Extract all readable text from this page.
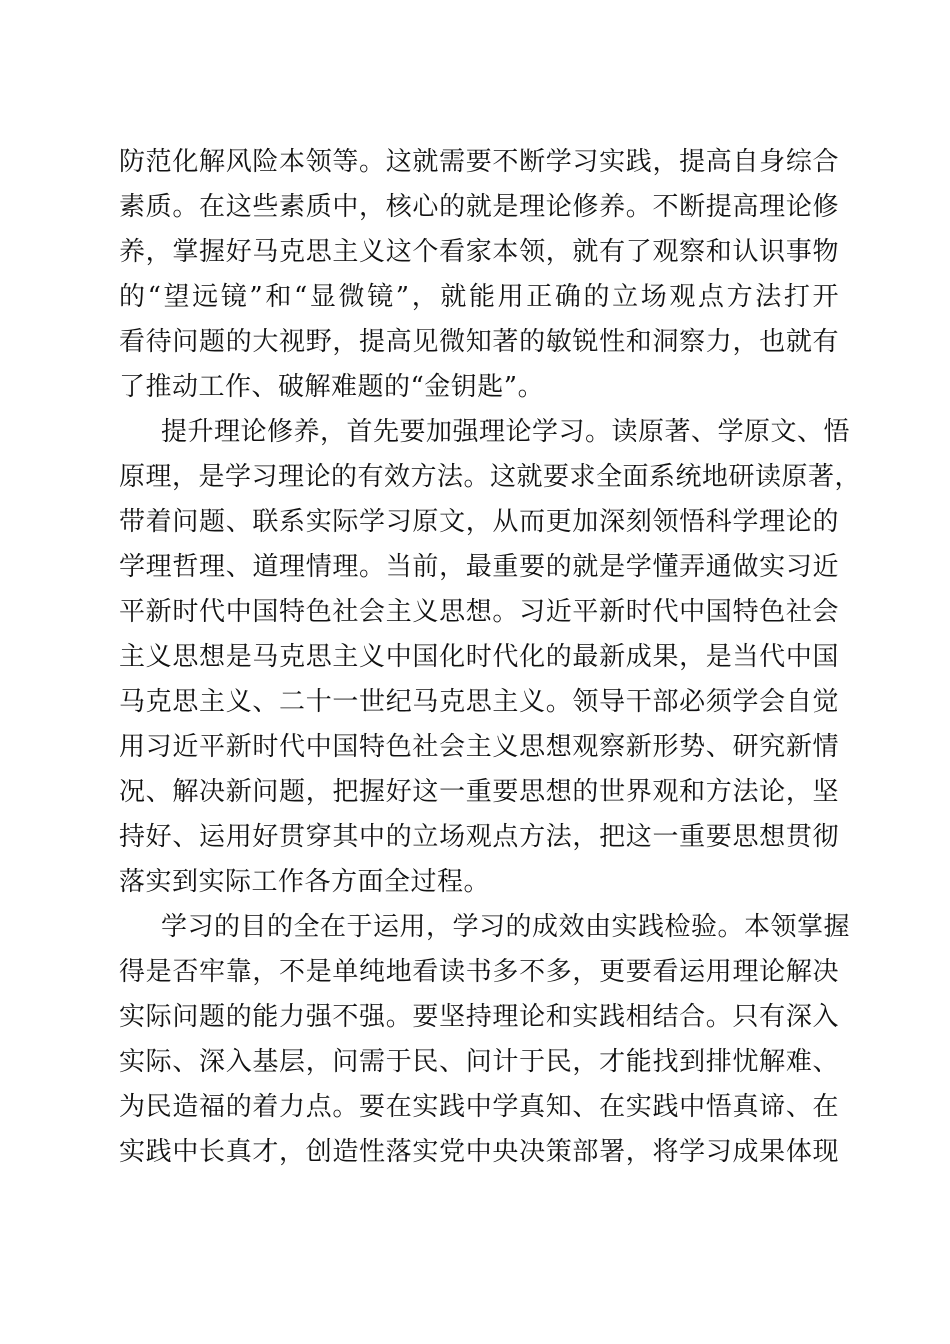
防范化解风险本领等。这就需要不断学习实践，提高自身综合
素质。在这些素质中，核心的就是理论修养。不断提高理论修
养，掌握好马克思主义这个看家本领，就有了观察和认识事物
的“望远镜”和“显微镜”，就能用正确的立场观点方法打开
看待问题的大视野，提高见微知著的敏锐性和洞察力，也就有
了推动工作、破解难题的“金钥匙”。
提升理论修养，首先要加强理论学习。读原著、学原文、悟
原理，是学习理论的有效方法。这就要求全面系统地研读原著，
带着问题、联系实际学习原文，从而更加深刻领悟科学理论的
学理哲理、道理情理。当前，最重要的就是学懂弄通做实习近
平新时代中国特色社会主义思想。习近平新时代中国特色社会
主义思想是马克思主义中国化时代化的最新成果，是当代中国
马克思主义、二十一世纪马克思主义。领导干部必须学会自觉
用习近平新时代中国特色社会主义思想观察新形势、研究新情
况、解决新问题，把握好这一重要思想的世界观和方法论，坚
持好、运用好贯穿其中的立场观点方法，把这一重要思想贯彻
落实到实际工作各方面全过程。
学习的目的全在于运用，学习的成效由实践检验。本领掌握
得是否牢靠，不是单纯地看读书多不多，更要看运用理论解决
实际问题的能力强不强。要坚持理论和实践相结合。只有深入
实际、深入基层，问需于民、问计于民，才能找到排忧解难、
为民造福的着力点。要在实践中学真知、在实践中悟真谛、在
实践中长真才，创造性落实党中央决策部署，将学习成果体现
